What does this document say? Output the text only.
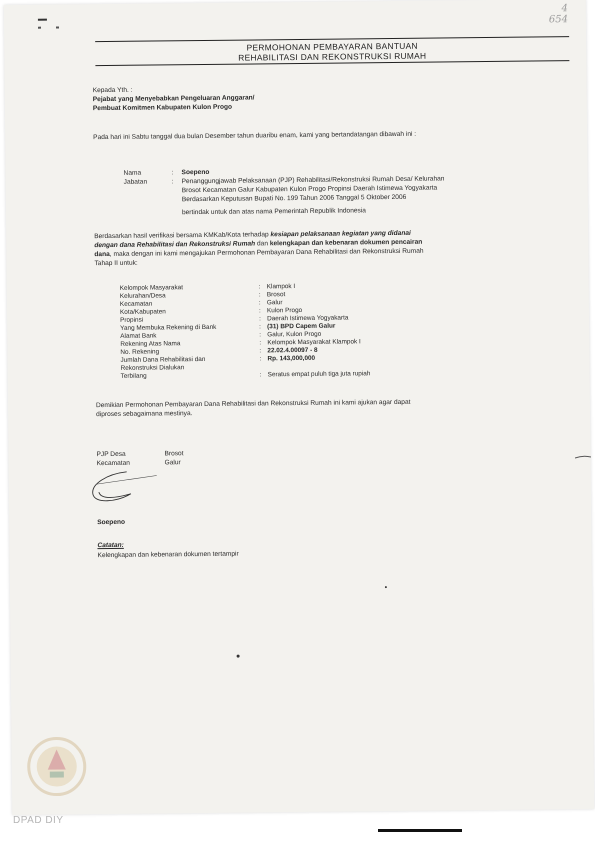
4
654
PERMOHONAN PEMBAYARAN BANTUAN
REHABILITASI DAN REKONSTRUKSI RUMAH
Kepada Yth. :
Pejabat yang Menyebabkan Pengeluaran Anggaran/
Pembuat Komitmen Kabupaten Kulon Progo
Pada hari ini Sabtu tanggal dua bulan Desember tahun duaribu enam, kami yang bertandatangan dibawah ini :
Nama	: Soepeno
Jabatan	: Penanggungjawab Pelaksanaan (PJP) Rehabilitasi/Rekonstruksi Rumah Desa/ Kelurahan
Brosot Kecamatan Galur Kabupaten Kulon Progo Propinsi Daerah Istimewa Yogyakarta
Berdasarkan Keputusan Bupati No. 199 Tahun 2006 Tanggal 5 Oktober 2006
bertindak untuk dan atas nama Pemerintah Republik Indonesia
Berdasarkan hasil verifikasi bersama KMKab/Kota terhadap kesiapan pelaksanaan kegiatan yang didanai
dengan dana Rehabilitasi dan Rekonstruksi Rumah dan kelengkapan dan kebenaran dokumen pencairan
dana, maka dengan ini kami mengajukan Permohonan Pembayaran Dana Rehabilitasi dan Rekonstruksi Rumah
Tahap II untuk:
Kelompok Masyarakat	: Klampok I
Kelurahan/Desa	: Brosot
Kecamatan	: Galur
Kota/Kabupaten	: Kulon Progo
Propinsi	: Daerah Istimewa Yogyakarta
Yang Membuka Rekening di Bank	: (31) BPD Capem Galur
Alamat Bank	: Galur, Kulon Progo
Rekening Atas Nama	: Kelompok Masyarakat Klampok I
No. Rekening	: 22.02.4.00097 - 8
Jumlah Dana Rehabilitasi dan	: Rp. 143,000,000
Rekonstruksi Dialukan
Terbilang	: Seratus empat puluh tiga juta rupiah
Demikian Permohonan Pembayaran Dana Rehabilitasi dan Rekonstruksi Rumah ini kami ajukan agar dapat
diproses sebagaimana mestinya.
PJP Desa	Brosot
Kecamatan	Galur
Soepeno
Catatan:
Kelengkapan dan kebenaran dokumen tertampir
DPAD DIY
